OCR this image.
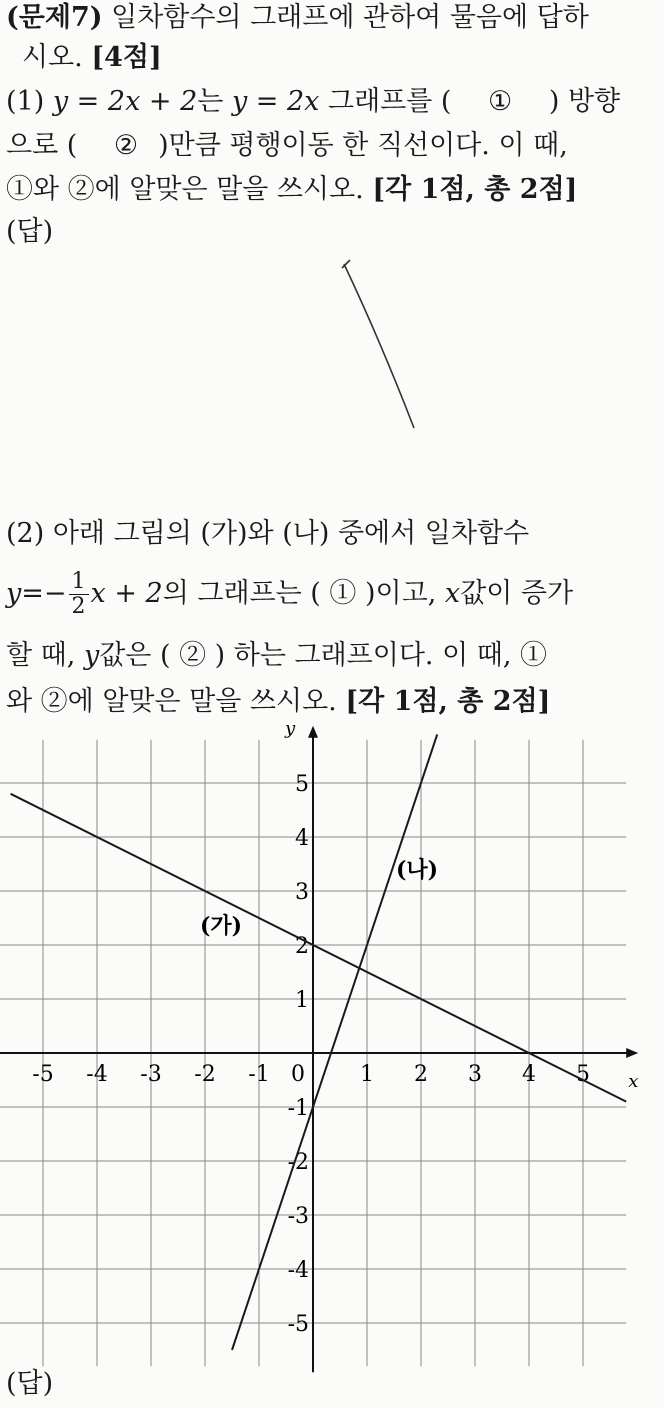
(문제7) 일차함수의 그래프에 관하여 물음에 답하
시오. [4점]
(1) y = 2x + 2는 y = 2x 그래프를 ( ① ) 방향
으로 ( ② )만큼 평행이동 한 직선이다. 이 때,
①와 ②에 알맞은 말을 쓰시오. [각 1점, 총 2점]
(답)
(2) 아래 그림의 (가)와 (나) 중에서 일차함수
$y=- \frac{1}{2}$ x + 2의 그래프는 ( ① )이고, x값이 증가
할 때, y값은 ( ② ) 하는 그래프이다. 이 때, ①
와 ②에 알맞은 말을 쓰시오. [각 1점, 총 2점]
x
y
0
-5 -4 -3 -2 -1	1 2 3 4 5
5
4
3
2
1
-1
-2
-3
-4
-5
(가)
(나)
(답)
